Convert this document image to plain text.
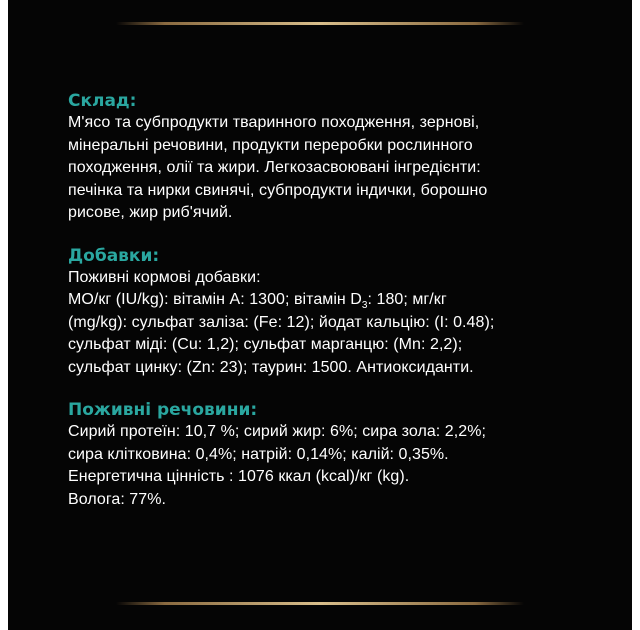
Склад:

М'ясо та субпродукти тваринного походження, зернові,
мінеральні речовини, продукти переробки рослинного
походження, олії та жири. Легкозасвоювані інгредієнти:
печінка та нирки свинячі, субпродукти індички, борошно
рисове, жир риб'ячий.

Добавки:

Поживні кормові добавки:
МО/кг (IU/kg): вітамін А: 1300; вітамін $D_3$: 180; мг/кг
(mg/kg): сульфат заліза: (Fe: 12); йодат кальцію: (I: 0.48);
сульфат міді: (Cu: 1,2); сульфат марганцю: (Mn: 2,2);
сульфат цинку: (Zn: 23); таурин: 1500. Антиоксиданти.

Поживні речовини:

Сирий протеїн: 10,7 %; сирий жир: 6%; сира зола: 2,2%;
сира клітковина: 0,4%; натрій: 0,14%; калій: 0,35%.
Енергетична цінність : 1076 ккал (kcal)/кг (kg).
Волога: 77%.
